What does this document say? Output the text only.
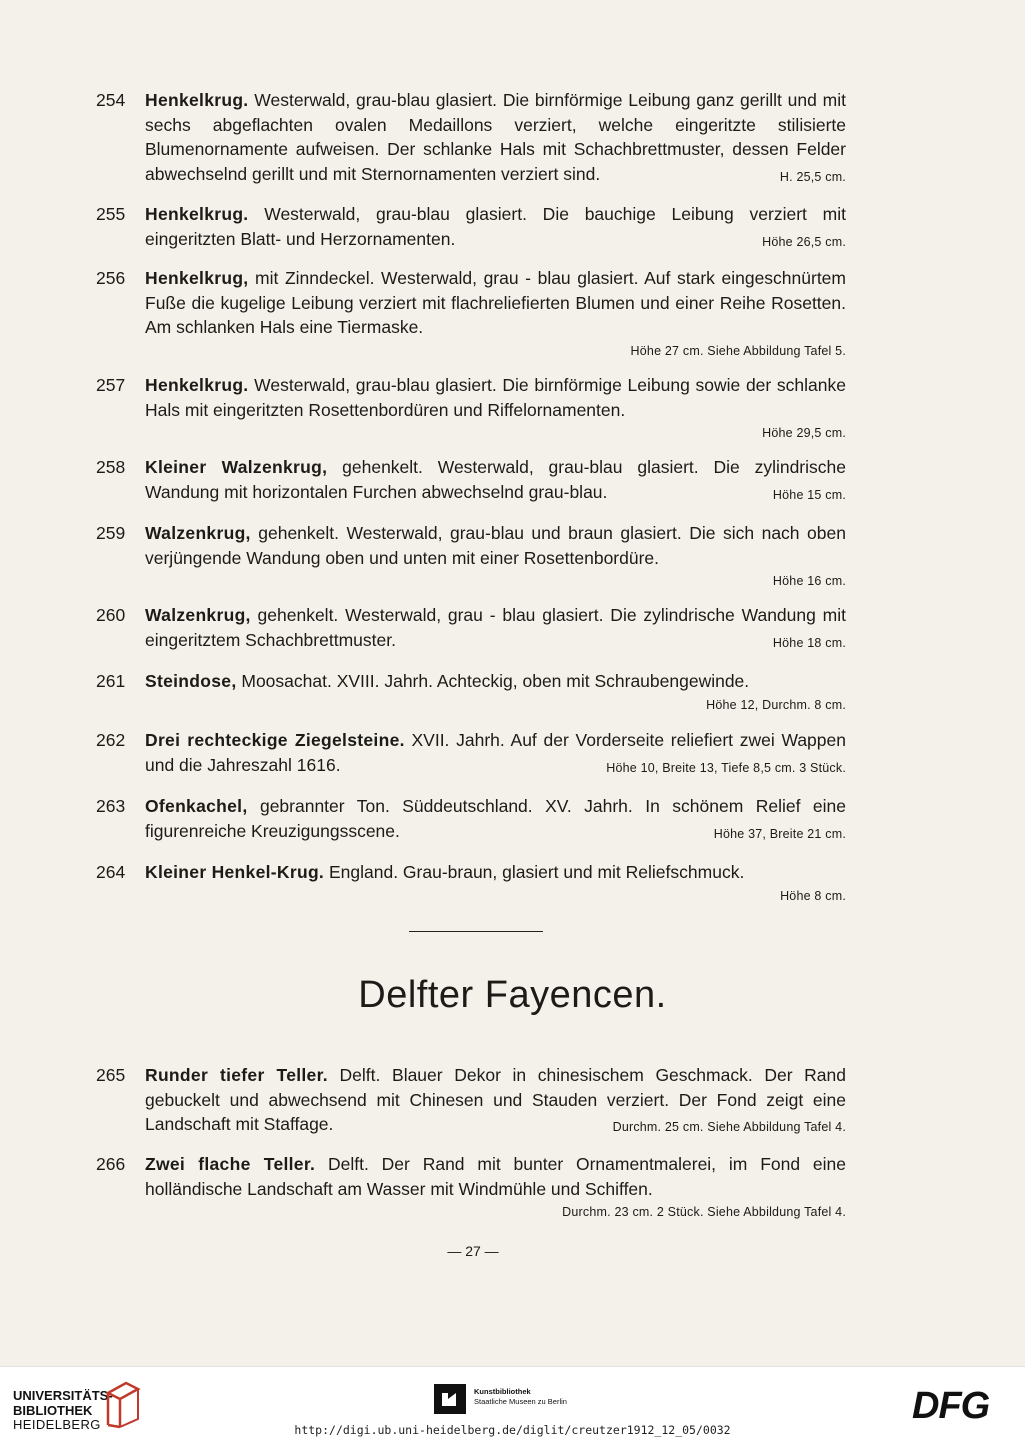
254	Henkelkrug. Westerwald, grau-blau glasiert. Die birnförmige Leibung ganz gerillt und mit sechs abgeflachten ovalen Medaillons verziert, welche eingeritzte stilisierte Blumenornamente aufweisen. Der schlanke Hals mit Schachbrettmuster, dessen Felder abwechselnd gerillt und mit Sternornamenten verziert sind.	H. 25,5 cm.
255	Henkelkrug. Westerwald, grau-blau glasiert. Die bauchige Leibung verziert mit eingeritzten Blatt- und Herzornamenten.	Höhe 26,5 cm.
256	Henkelkrug, mit Zinndeckel. Westerwald, grau - blau glasiert. Auf stark eingeschnürtem Fuße die kugelige Leibung verziert mit flachreliefierten Blumen und einer Reihe Rosetten. Am schlanken Hals eine Tiermaske.
Höhe 27 cm. Siehe Abbildung Tafel 5.
257	Henkelkrug. Westerwald, grau-blau glasiert. Die birnförmige Leibung sowie der schlanke Hals mit eingeritzten Rosettenbordüren und Riffelornamenten.
Höhe 29,5 cm.
258	Kleiner Walzenkrug, gehenkelt. Westerwald, grau-blau glasiert. Die zylindrische Wandung mit horizontalen Furchen abwechselnd grau-blau.	Höhe 15 cm.
259	Walzenkrug, gehenkelt. Westerwald, grau-blau und braun glasiert. Die sich nach oben verjüngende Wandung oben und unten mit einer Rosettenbordüre.
Höhe 16 cm.
260	Walzenkrug, gehenkelt. Westerwald, grau - blau glasiert. Die zylindrische Wandung mit eingeritztem Schachbrettmuster.	Höhe 18 cm.
261	Steindose, Moosachat. XVIII. Jahrh. Achteckig, oben mit Schraubengewinde.
Höhe 12, Durchm. 8 cm.
262	Drei rechteckige Ziegelsteine. XVII. Jahrh. Auf der Vorderseite reliefiert zwei Wappen und die Jahreszahl 1616.	Höhe 10, Breite 13, Tiefe 8,5 cm. 3 Stück.
263	Ofenkachel, gebrannter Ton. Süddeutschland. XV. Jahrh. In schönem Relief eine figurenreiche Kreuzigungsscene.	Höhe 37, Breite 21 cm.
264	Kleiner Henkel-Krug. England. Grau-braun, glasiert und mit Reliefschmuck.
Höhe 8 cm.
Delfter Fayencen.
265	Runder tiefer Teller. Delft. Blauer Dekor in chinesischem Geschmack. Der Rand gebuckelt und abwechsend mit Chinesen und Stauden verziert. Der Fond zeigt eine Landschaft mit Staffage.	Durchm. 25 cm. Siehe Abbildung Tafel 4.
266	Zwei flache Teller. Delft. Der Rand mit bunter Ornamentmalerei, im Fond eine holländische Landschaft am Wasser mit Windmühle und Schiffen.
Durchm. 23 cm. 2 Stück. Siehe Abbildung Tafel 4.
— 27 —
UNIVERSITÄTS-
BIBLIOTHEK
HEIDELBERG
Kunstbibliothek
Staatliche Museen zu Berlin	DFG
http://digi.ub.uni-heidelberg.de/diglit/creutzer1912_12_05/0032
